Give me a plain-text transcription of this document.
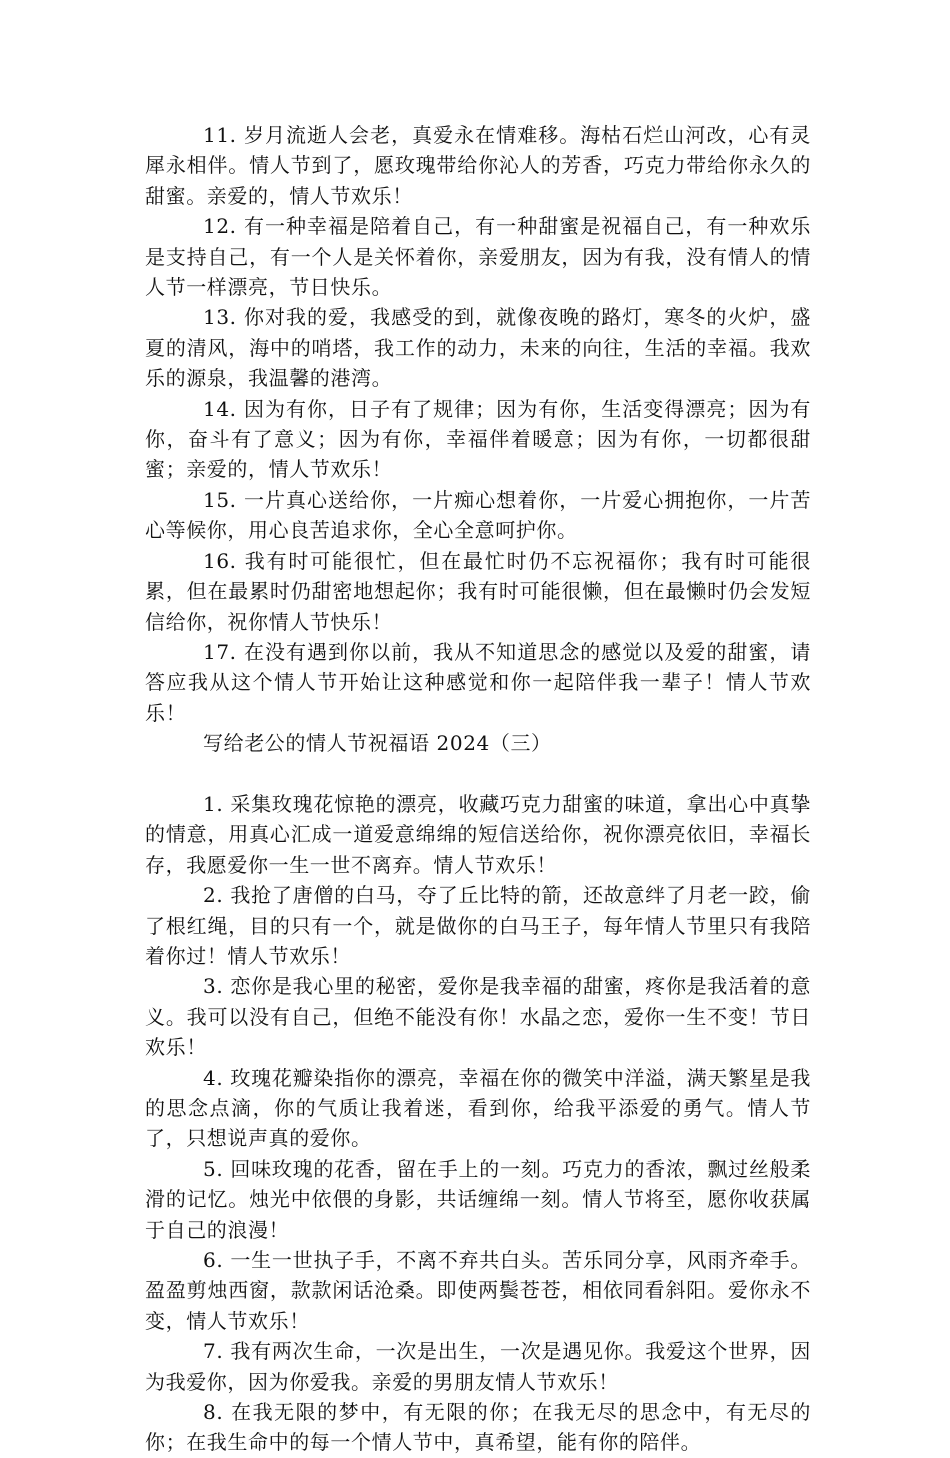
11. 岁月流逝人会老，真爱永在情难移。海枯石烂山河改，心有灵犀永相伴。情人节到了，愿玫瑰带给你沁人的芳香，巧克力带给你永久的甜蜜。亲爱的，情人节欢乐！

12. 有一种幸福是陪着自己，有一种甜蜜是祝福自己，有一种欢乐是支持自己，有一个人是关怀着你，亲爱朋友，因为有我，没有情人的情人节一样漂亮，节日快乐。

13. 你对我的爱，我感受的到，就像夜晚的路灯，寒冬的火炉，盛夏的清风，海中的哨塔，我工作的动力，未来的向往，生活的幸福。我欢乐的源泉，我温馨的港湾。

14. 因为有你，日子有了规律；因为有你，生活变得漂亮；因为有你，奋斗有了意义；因为有你，幸福伴着暖意；因为有你，一切都很甜蜜；亲爱的，情人节欢乐！

15. 一片真心送给你，一片痴心想着你，一片爱心拥抱你，一片苦心等候你，用心良苦追求你，全心全意呵护你。

16. 我有时可能很忙，但在最忙时仍不忘祝福你；我有时可能很累，但在最累时仍甜密地想起你；我有时可能很懒，但在最懒时仍会发短信给你，祝你情人节快乐！

17. 在没有遇到你以前，我从不知道思念的感觉以及爱的甜蜜，请答应我从这个情人节开始让这种感觉和你一起陪伴我一辈子！情人节欢乐！

写给老公的情人节祝福语 2024（三）

1. 采集玫瑰花惊艳的漂亮，收藏巧克力甜蜜的味道，拿出心中真挚的情意，用真心汇成一道爱意绵绵的短信送给你，祝你漂亮依旧，幸福长存，我愿爱你一生一世不离弃。情人节欢乐！

2. 我抢了唐僧的白马，夺了丘比特的箭，还故意绊了月老一跤，偷了根红绳，目的只有一个，就是做你的白马王子，每年情人节里只有我陪着你过！情人节欢乐！

3. 恋你是我心里的秘密，爱你是我幸福的甜蜜，疼你是我活着的意义。我可以没有自己，但绝不能没有你！水晶之恋，爱你一生不变！节日欢乐！

4. 玫瑰花瓣染指你的漂亮，幸福在你的微笑中洋溢，满天繁星是我的思念点滴，你的气质让我着迷，看到你，给我平添爱的勇气。情人节了，只想说声真的爱你。

5. 回味玫瑰的花香，留在手上的一刻。巧克力的香浓，飘过丝般柔滑的记忆。烛光中依偎的身影，共话缠绵一刻。情人节将至，愿你收获属于自己的浪漫！

6. 一生一世执子手，不离不弃共白头。苦乐同分享，风雨齐牵手。盈盈剪烛西窗，款款闲话沧桑。即使两鬓苍苍，相依同看斜阳。爱你永不变，情人节欢乐！

7. 我有两次生命，一次是出生，一次是遇见你。我爱这个世界，因为我爱你，因为你爱我。亲爱的男朋友情人节欢乐！

8. 在我无限的梦中，有无限的你；在我无尽的思念中，有无尽的你；在我生命中的每一个情人节中，真希望，能有你的陪伴。
